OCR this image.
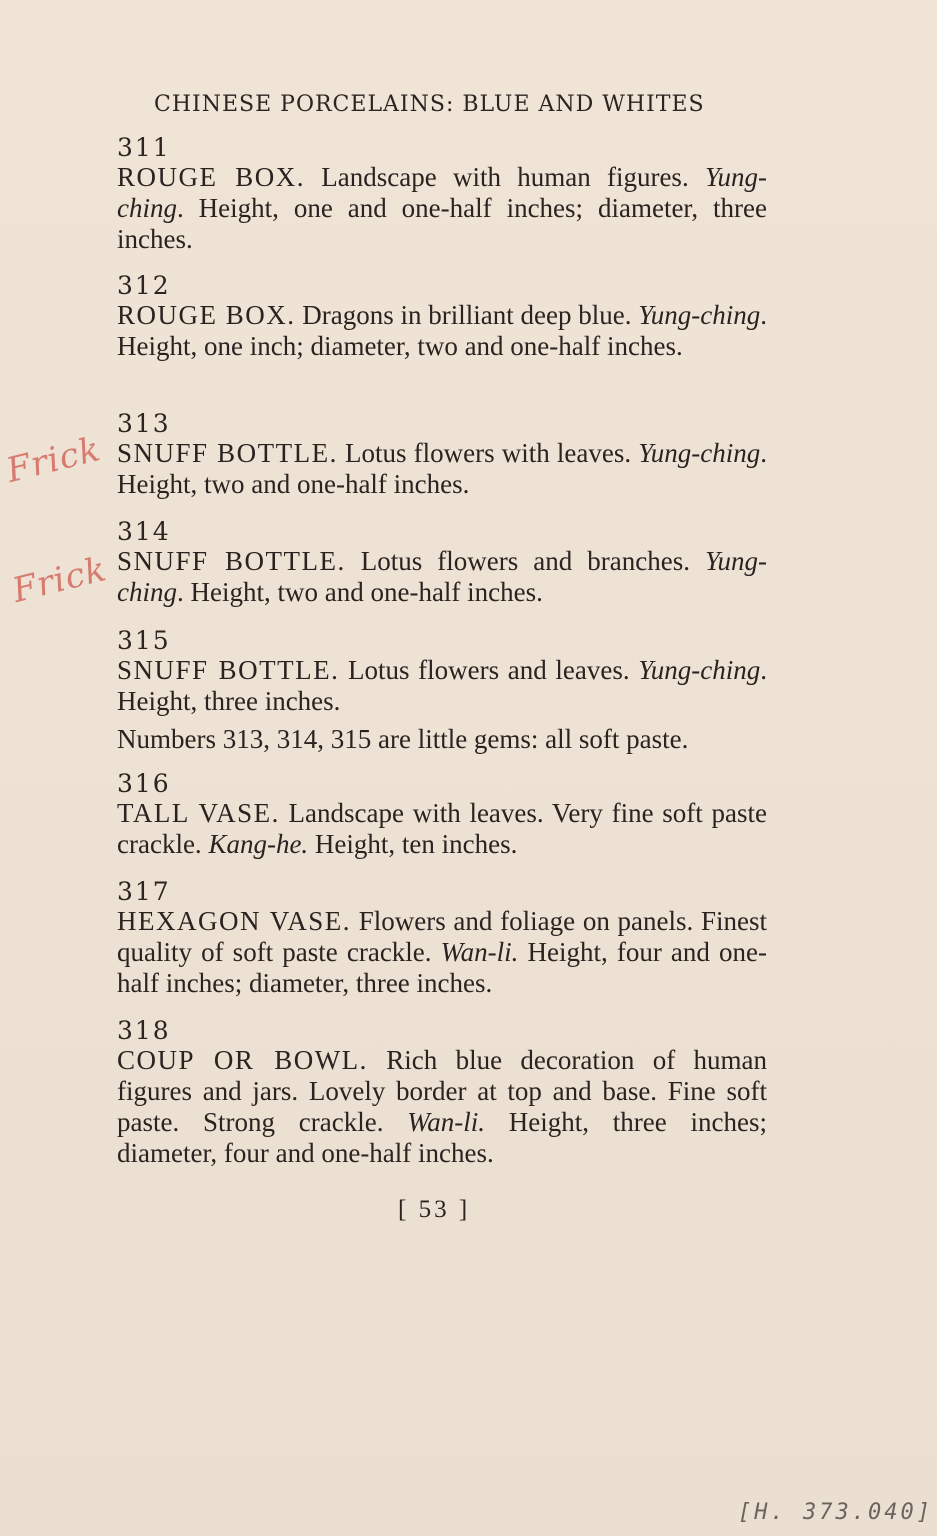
CHINESE PORCELAINS: BLUE AND WHITES
311
ROUGE BOX. Landscape with human figures. Yung-ching. Height, one and one-half inches; diameter, three inches.
312
ROUGE BOX. Dragons in brilliant deep blue. Yung-ching. Height, one inch; diameter, two and one-half inches.
313
SNUFF BOTTLE. Lotus flowers with leaves. Yung-ching. Height, two and one-half inches.
314
SNUFF BOTTLE. Lotus flowers and branches. Yung-ching. Height, two and one-half inches.
315
SNUFF BOTTLE. Lotus flowers and leaves. Yung-ching. Height, three inches.
Numbers 313, 314, 315 are little gems: all soft paste.
316
TALL VASE. Landscape with leaves. Very fine soft paste crackle. Kang-he. Height, ten inches.
317
HEXAGON VASE. Flowers and foliage on panels. Finest quality of soft paste crackle. Wan-li. Height, four and one-half inches; diameter, three inches.
318
COUP OR BOWL. Rich blue decoration of human figures and jars. Lovely border at top and base. Fine soft paste. Strong crackle. Wan-li. Height, three inches; diameter, four and one-half inches.
[ 53 ]
Frick
Frick
[H. 373.040]
